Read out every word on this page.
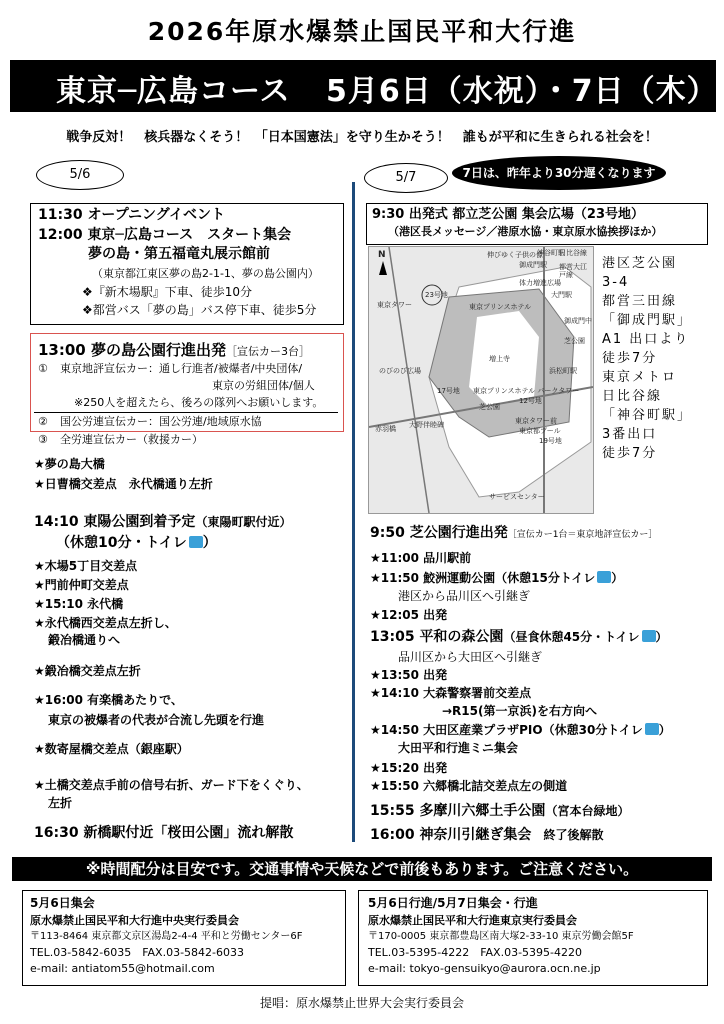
2026年原水爆禁止国民平和大行進
東京─広島コース 5月6日（水祝）・7日（木）
戦争反対！　核兵器なくそう！　「日本国憲法」を守り生かそう！　誰もが平和に生きられる社会を！
5/6	5/7	7日は、昨年より30分遅くなります
11:30 オープニングイベント
12:00 東京─広島コース　スタート集会
夢の島・第五福竜丸展示館前
（東京都江東区夢の島2-1-1、夢の島公園内）
❖『新木場駅』下車、徒歩10分
❖都営バス「夢の島」バス停下車、徒歩5分
13:00 夢の島公園行進出発［宣伝カー3台］
① 東京地評宣伝カー：通し行進者/被爆者/中央団体/
東京の労組団体/個人
※250人を超えたら、後ろの隊列へお願いします。
② 国公労連宣伝カー：国公労連/地域原水協
③ 全労連宣伝カー（救援カー）
★夢の島大橋
★日曹橋交差点　永代橋通り左折
14:10 東陽公園到着予定（東陽町駅付近）
（休憩10分・トイレ ）
★木場5丁目交差点
★門前仲町交差点
★15:10 永代橋
★永代橋西交差点左折し、
鍛冶橋通りへ
★鍛冶橋交差点左折
★16:00 有楽橋あたりで、
東京の被爆者の代表が合流し先頭を行進
★数寄屋橋交差点（銀座駅）
★土橋交差点手前の信号右折、ガード下をくぐり、
左折
16:30 新橋駅付近「桜田公園」流れ解散
9:30 出発式 都立芝公園 集会広場（23号地）
（港区長メッセージ／港原水協・東京原水協挨拶ほか）
N
23号地
東京タワー	東京プリンスホテル
増上寺
芝公園
御成門駅
東京プリンスホテル パークタワー
大門駅
浜松町駅
神谷町駅
日比谷線
伸びゆく子供の像
都営大江戸線
体力増進広場
御成門中
芝公園
17号地
12号地
19号地
赤羽橋 大野伴睦碑
サービスセンター
東京タワー前
東京都プール
のびのび広場
港区芝公園
3-4
都営三田線
「御成門駅」
A1 出口より
徒歩7分
東京メトロ
日比谷線
「神谷町駅」
3番出口
徒歩7分
9:50 芝公園行進出発［宣伝カー1台＝東京地評宣伝カー］
★11:00 品川駅前
★11:50 鮫洲運動公園（休憩15分トイレ ）
港区から品川区へ引継ぎ
★12:05 出発
13:05 平和の森公園（昼食休憩45分・トイレ ）
品川区から大田区へ引継ぎ
★13:50 出発
★14:10 大森警察署前交差点
→R15(第一京浜)を右方向へ
★14:50 大田区産業プラザPIO（休憩30分トイレ ）
大田平和行進ミニ集会
★15:20 出発
★15:50 六郷橋北詰交差点左の側道
15:55 多摩川六郷土手公園（宮本台緑地）
16:00 神奈川引継ぎ集会 終了後解散
※時間配分は目安です。交通事情や天候などで前後もあります。ご注意ください。
5月6日集会
原水爆禁止国民平和大行進中央実行委員会
〒113-8464 東京都文京区湯島2-4-4 平和と労働センター6F
TEL.03-5842-6035　FAX.03-5842-6033
e-mail: antiatom55@hotmail.com
5月6日行進/5月7日集会・行進
原水爆禁止国民平和大行進東京実行委員会
〒170-0005 東京都豊島区南大塚2-33-10 東京労働会館5F
TEL.03-5395-4222　FAX.03-5395-4220
e-mail: tokyo-gensuikyo@aurora.ocn.ne.jp
提唱：原水爆禁止世界大会実行委員会
